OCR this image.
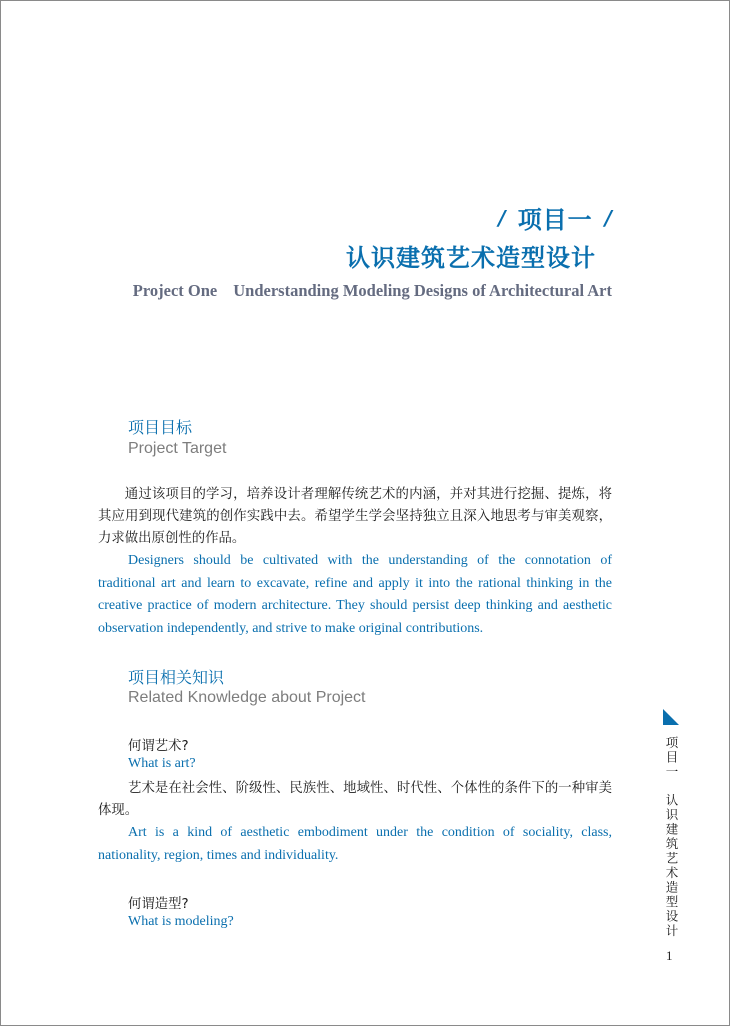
/ 项目一 /
认识建筑艺术造型设计
Project One Understanding Modeling Designs of Architectural Art
项目目标
Project Target

通过该项目的学习，培养设计者理解传统艺术的内涵，并对其进行挖掘、提炼，将其应用到现代建筑的创作实践中去。希望学生学会坚持独立且深入地思考与审美观察，力求做出原创性的作品。

Designers should be cultivated with the understanding of the connotation of traditional art and learn to excavate, refine and apply it into the rational thinking in the creative practice of modern architecture. They should persist deep thinking and aesthetic observation independently, and strive to make original contributions.

项目相关知识
Related Knowledge about Project
何谓艺术?
What is art?

艺术是在社会性、阶级性、民族性、地域性、时代性、个体性的条件下的一种审美体现。

Art is a kind of aesthetic embodiment under the condition of sociality, class, nationality, region, times and individuality.

何谓造型?
What is modeling?
项目一认识建筑艺术造型设计
1
